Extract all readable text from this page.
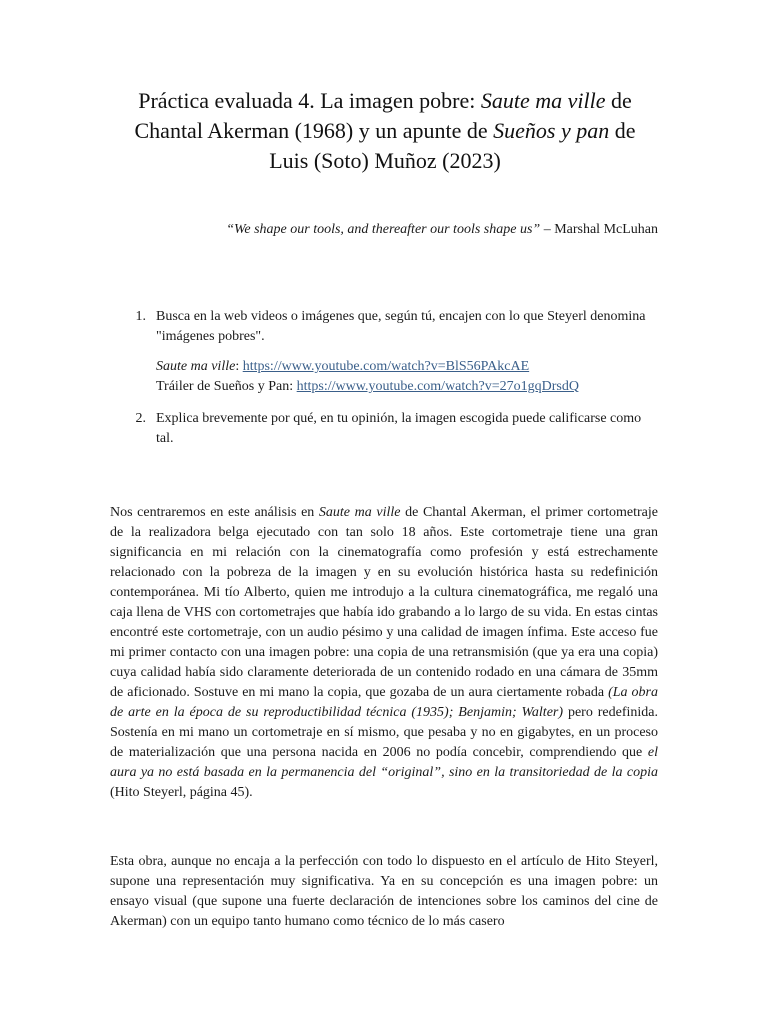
Práctica evaluada 4. La imagen pobre: Saute ma ville de
Chantal Akerman (1968) y un apunte de Sueños y pan de
Luis (Soto) Muñoz (2023)
“We shape our tools, and thereafter our tools shape us” – Marshal McLuhan
1. Busca en la web videos o imágenes que, según tú, encajen con lo que Steyerl denomina "imágenes pobres".
Saute ma ville: https://www.youtube.com/watch?v=BlS56PAkcAE
Tráiler de Sueños y Pan: https://www.youtube.com/watch?v=27o1gqDrsdQ
2. Explica brevemente por qué, en tu opinión, la imagen escogida puede calificarse como tal.
Nos centraremos en este análisis en Saute ma ville de Chantal Akerman, el primer cortometraje de la realizadora belga ejecutado con tan solo 18 años. Este cortometraje tiene una gran significancia en mi relación con la cinematografía como profesión y está estrechamente relacionado con la pobreza de la imagen y en su evolución histórica hasta su redefinición contemporánea. Mi tío Alberto, quien me introdujo a la cultura cinematográfica, me regaló una caja llena de VHS con cortometrajes que había ido grabando a lo largo de su vida. En estas cintas encontré este cortometraje, con un audio pésimo y una calidad de imagen ínfima. Este acceso fue mi primer contacto con una imagen pobre: una copia de una retransmisión (que ya era una copia) cuya calidad había sido claramente deteriorada de un contenido rodado en una cámara de 35mm de aficionado. Sostuve en mi mano la copia, que gozaba de un aura ciertamente robada (La obra de arte en la época de su reproductibilidad técnica (1935); Benjamin; Walter) pero redefinida. Sostenía en mi mano un cortometraje en sí mismo, que pesaba y no en gigabytes, en un proceso de materialización que una persona nacida en 2006 no podía concebir, comprendiendo que el aura ya no está basada en la permanencia del “original”, sino en la transitoriedad de la copia (Hito Steyerl, página 45).
Esta obra, aunque no encaja a la perfección con todo lo dispuesto en el artículo de Hito Steyerl, supone una representación muy significativa. Ya en su concepción es una imagen pobre: un ensayo visual (que supone una fuerte declaración de intenciones sobre los caminos del cine de Akerman) con un equipo tanto humano como técnico de lo más casero
